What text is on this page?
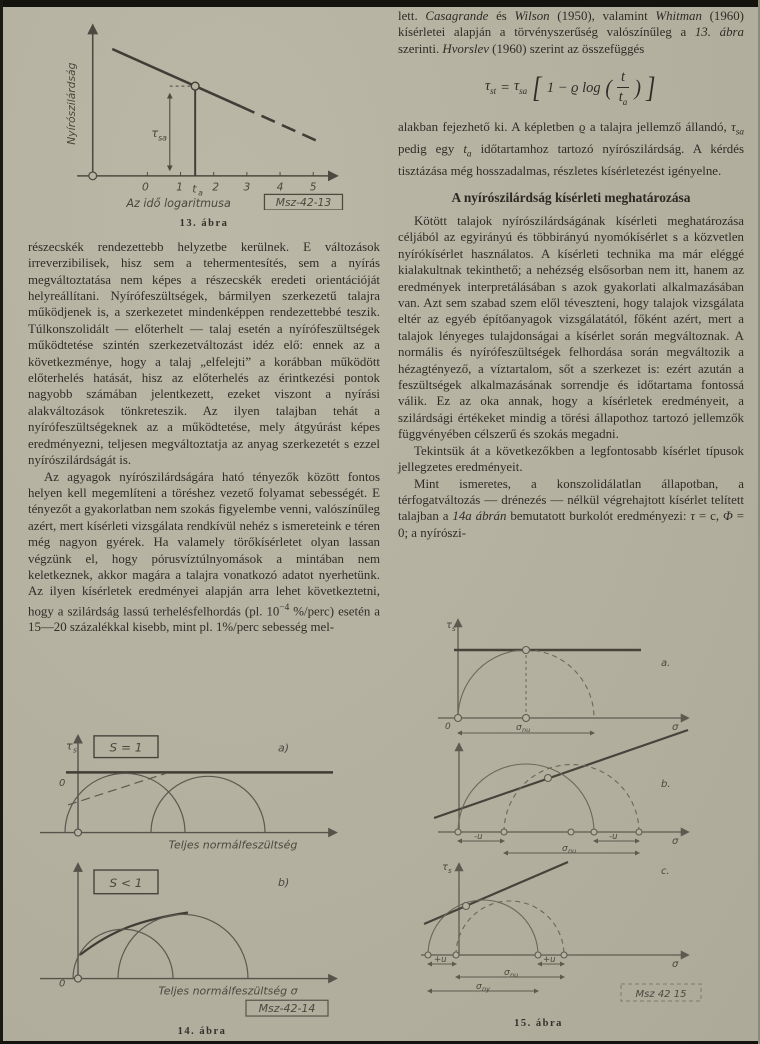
τ sa
Nyírószilárdság
0 1 t a 2 3 4 5
Az idő logaritmusa	Msz-42-13
13. ábra

részecskék rendezettebb helyzetbe kerülnek. E változások irreverzibilisek, hisz sem a tehermentesítés, sem a nyírás megváltoztatása nem képes a részecskék eredeti orientációját helyreállítani. Nyírófeszültségek, bármilyen szerkezetű talajra működjenek is, a szerkezetet mindenképpen rendezettebbé teszik. Túlkonszolidált — előterhelt — talaj esetén a nyírófeszültségek működtetése szintén szerkezetváltozást idéz elő: ennek az a következménye, hogy a talaj „elfelejti” a korábban működött előterhelés hatását, hisz az előterhelés az érintkezési pontok nagyobb számában jelentkezett, ezeket viszont a nyírási alakváltozások tönkreteszik. Az ilyen talajban tehát a nyírófeszültségeknek az a működtetése, mely átgyúrást képes eredményezni, teljesen megváltoztatja az anyag szerkezetét s ezzel nyírószilárdságát is.

Az agyagok nyírószilárdságára ható tényezők között fontos helyen kell megemlíteni a töréshez vezető folyamat sebességét. E tényezőt a gyakorlatban nem szokás figyelembe venni, valószínűleg azért, mert kísérleti vizsgálata rendkívül nehéz s ismereteink e téren még nagyon gyérek. Ha valamely törőkísérletet olyan lassan végzünk el, hogy pórusvíztúlnyomások a mintában nem keletkeznek, akkor magára a talajra vonatkozó adatot nyerhetünk. Az ilyen kísérletek eredményei alapján arra lehet következtetni, hogy a szilárdság lassú terhelésfelhordás (pl. $10^{-4}$ %/perc) esetén a 15—20 százalékkal kisebb, mint pl. 1%/perc sebesség mel-

τ s	S = 1	a)
0
Teljes normálfeszültség
S < 1	b)
0
Teljes normálfeszültség σ
Msz-42-14
14. ábra

lett. Casagrande és Wilson (1950), valamint Whitman (1960) kísérletei alapján a törvényszerűség valószínűleg a 13. ábra szerinti. Hvorslev (1960) szerint az összefüggés

$\tau_{st} = \tau_{sa}$ [ 1 − ϱ log ( $\frac{t}{t_a}$ ) ]

alakban fejezhető ki. A képletben ϱ a talajra jellemző állandó, $\tau_{sa}$ pedig egy $t_a$ időtartamhoz tartozó nyírószilárdság. A kérdés tisztázása még hosszadalmas, részletes kísérletezést igényelne.

A nyírószilárdság kísérleti meghatározása

Kötött talajok nyírószilárdságának kísérleti meghatározása céljából az egyirányú és többirányú nyomókísérlet s a közvetlen nyírókísérlet használatos. A kísérleti technika ma már eléggé kialakultnak tekinthető; a nehézség elsősorban nem itt, hanem az eredmények interpretálásában s azok gyakorlati alkalmazásában van. Azt sem szabad szem elől téveszteni, hogy talajok vizsgálata eltér az egyéb építőanyagok vizsgálatától, főként azért, mert a talajok lényeges tulajdonságai a kísérlet során megváltoznak. A normális és nyírófeszültségek felhordása során megváltozik a hézagtényező, a víztartalom, sőt a szerkezet is: ezért azután a feszültségek alkalmazásának sorrendje és időtartama fontossá válik. Ez az oka annak, hogy a kísérletek eredményeit, a szilárdsági értékeket mindig a törési állapothoz tartozó jellemzők függvényében célszerű és szokás megadni.

Tekintsük át a következőkben a legfontosabb kísérlet típusok jellegzetes eredményeit.

Mint ismeretes, a konszolidálatlan állapotban, a térfogatváltozás — drénezés — nélkül végrehajtott kísérlet telített talajban a 14a ábrán bemutatott burkolót eredményezi: τ = c, Φ = 0; a nyírószi-

τ s
0	σ
σ nu
a.
σ
-u	-u
σ nu
b.
τ s
σ
+u	+u
σ nu
σ ny
c.
Msz 42 15
15. ábra
